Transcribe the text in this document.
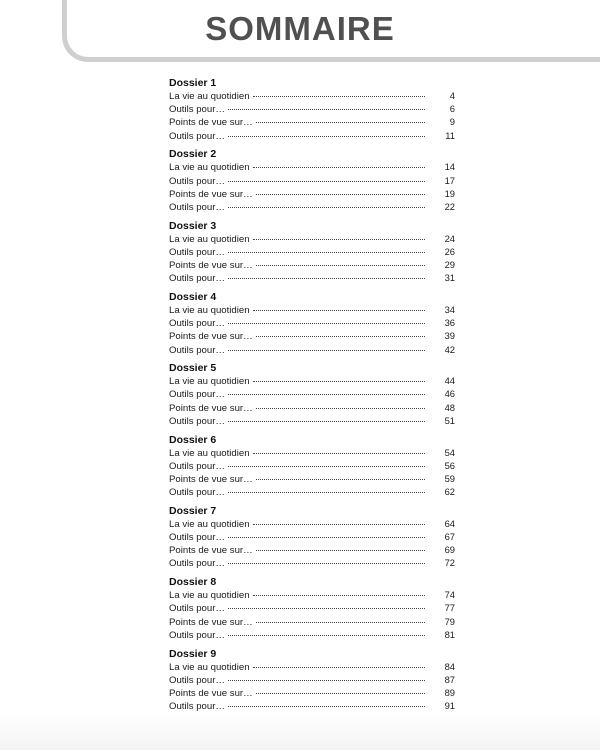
SOMMAIRE
Dossier 1
La vie au quotidien	4
Outils pour…	6
Points de vue sur…	9
Outils pour…	11
Dossier 2
La vie au quotidien	14
Outils pour…	17
Points de vue sur…	19
Outils pour…	22
Dossier 3
La vie au quotidien	24
Outils pour…	26
Points de vue sur…	29
Outils pour…	31
Dossier 4
La vie au quotidien	34
Outils pour…	36
Points de vue sur…	39
Outils pour…	42
Dossier 5
La vie au quotidien	44
Outils pour…	46
Points de vue sur…	48
Outils pour…	51
Dossier 6
La vie au quotidien	54
Outils pour…	56
Points de vue sur…	59
Outils pour…	62
Dossier 7
La vie au quotidien	64
Outils pour…	67
Points de vue sur…	69
Outils pour…	72
Dossier 8
La vie au quotidien	74
Outils pour…	77
Points de vue sur…	79
Outils pour…	81
Dossier 9
La vie au quotidien	84
Outils pour…	87
Points de vue sur…	89
Outils pour…	91
